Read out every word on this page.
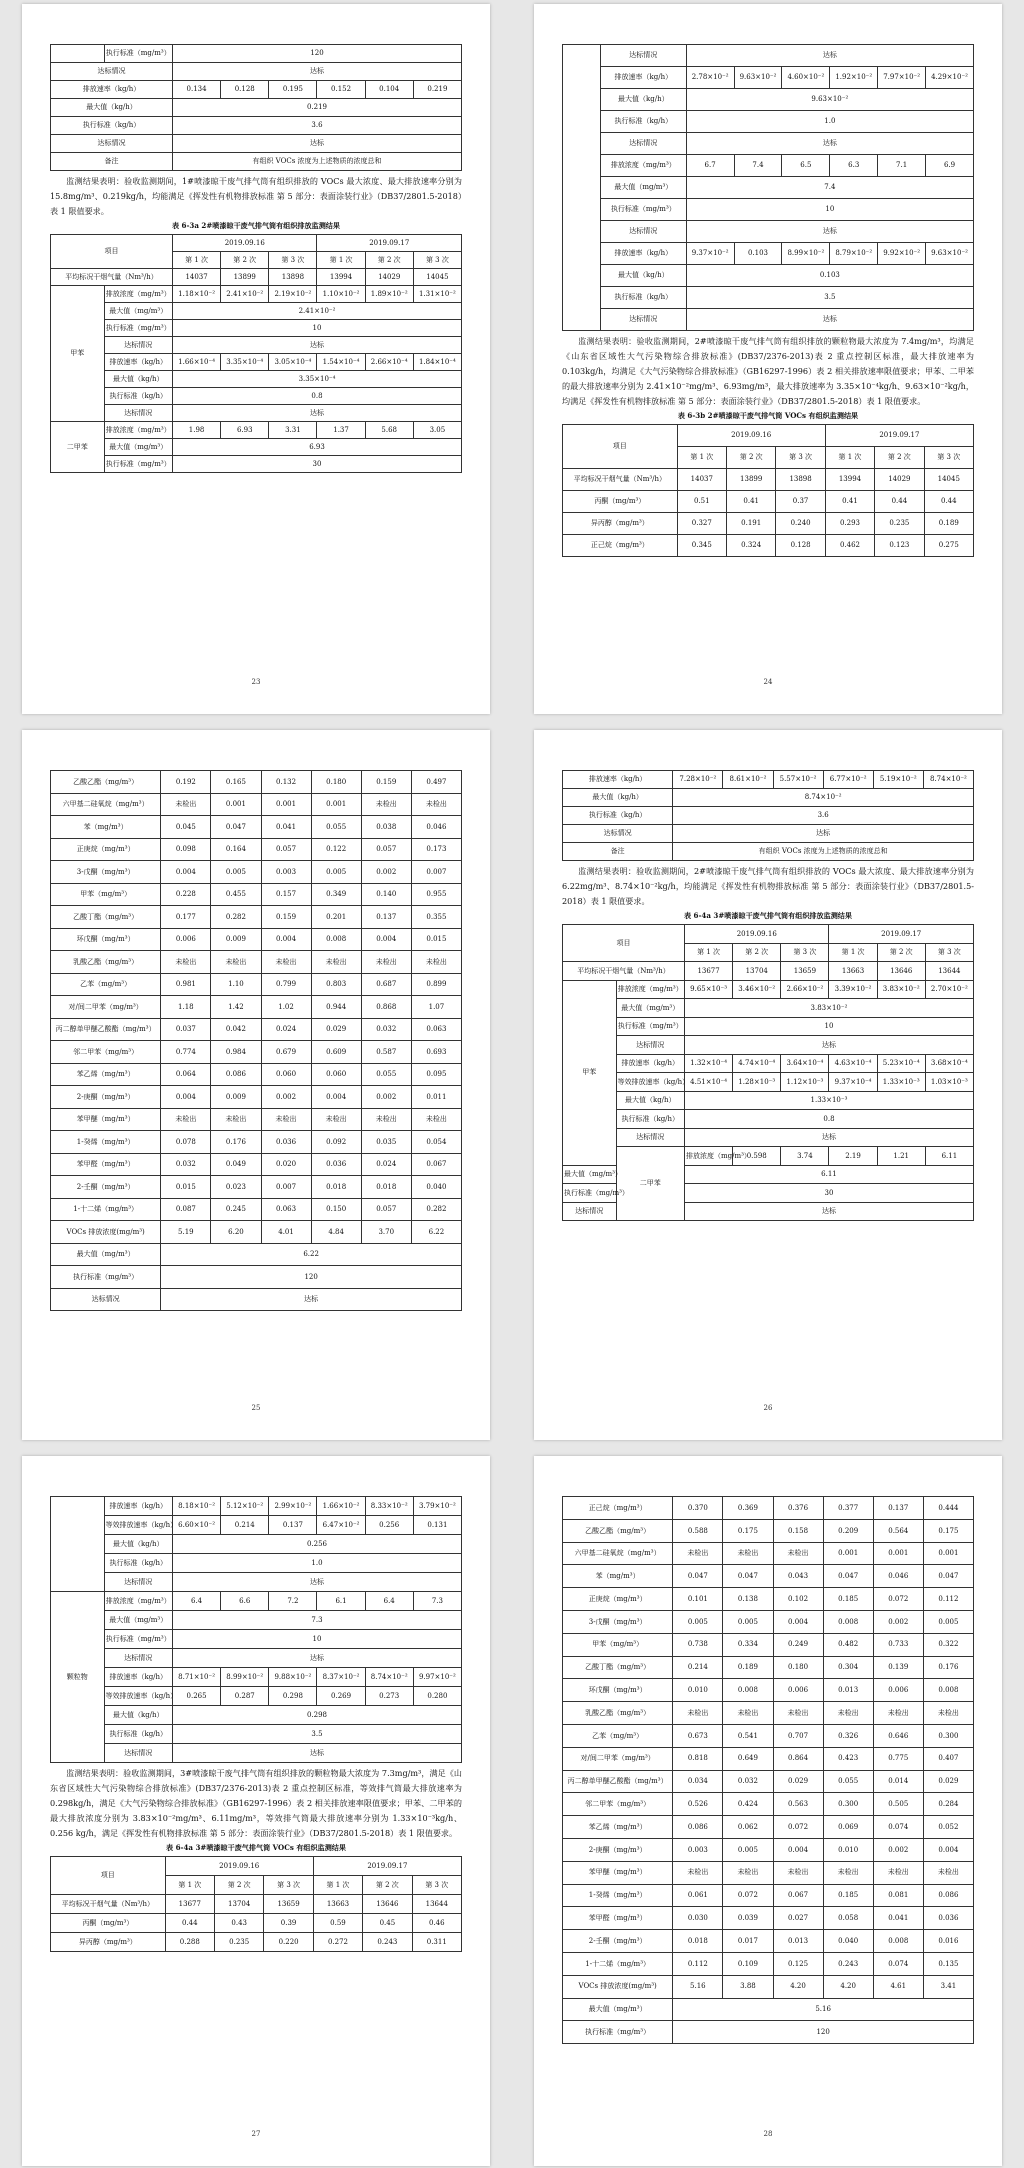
	执行标准（mg/m³）	120					
达标情况		达标					
排放速率（kg/h）		0.134	0.128	0.195	0.152	0.104	0.219
最大值（kg/h）		0.219					
执行标准（kg/h）		3.6					
达标情况		达标					
备注		有组织 VOCs 浓度为上述物质的浓度总和					
监测结果表明：验收监测期间，1#喷漆晾干废气排气筒有组织排放的 VOCs 最大浓度、最大排放速率分别为 15.8mg/m³、0.219kg/h，均能满足《挥发性有机物排放标准 第 5 部分：表面涂装行业》（DB37/2801.5-2018）表 1 限值要求。
表 6-3a 2#喷漆晾干废气排气筒有组织排放监测结果
项目		2019.09.16			2019.09.17		
		第 1 次	第 2 次	第 3 次	第 1 次	第 2 次	第 3 次
平均标况干烟气量（Nm³/h）		14037	13899	13898	13994	14029	14045
甲苯	排放浓度（mg/m³）	1.18×10⁻²	2.41×10⁻²	2.19×10⁻²	1.10×10⁻²	1.89×10⁻²	1.31×10⁻²
	最大值（mg/m³）	2.41×10⁻²					
	执行标准（mg/m³）	10					
	达标情况	达标					
	排放速率（kg/h）	1.66×10⁻⁴	3.35×10⁻⁴	3.05×10⁻⁴	1.54×10⁻⁴	2.66×10⁻⁴	1.84×10⁻⁴
	最大值（kg/h）	3.35×10⁻⁴					
	执行标准（kg/h）	0.8					
	达标情况	达标					
二甲苯	排放浓度（mg/m³）	1.98	6.93	3.31	1.37	5.68	3.05
	最大值（mg/m³）	6.93					
	执行标准（mg/m³）	30					
23
	达标情况	达标					
	排放速率（kg/h）	2.78×10⁻²	9.63×10⁻²	4.60×10⁻²	1.92×10⁻²	7.97×10⁻²	4.29×10⁻²
	最大值（kg/h）	9.63×10⁻²					
	执行标准（kg/h）	1.0					
	达标情况	达标					
	排放浓度（mg/m³）	6.7	7.4	6.5	6.3	7.1	6.9
	最大值（mg/m³）	7.4					
	执行标准（mg/m³）	10					
	达标情况	达标					
	排放速率（kg/h）	9.37×10⁻²	0.103	8.99×10⁻²	8.79×10⁻²	9.92×10⁻²	9.63×10⁻²
	最大值（kg/h）	0.103					
	执行标准（kg/h）	3.5					
	达标情况	达标					
监测结果表明：验收监测期间，2#喷漆晾干废气排气筒有组织排放的颗粒物最大浓度为 7.4mg/m³，均满足《山东省区域性大气污染物综合排放标准》(DB37/2376-2013)表 2 重点控制区标准，最大排放速率为 0.103kg/h，均满足《大气污染物综合排放标准》（GB16297-1996）表 2 相关排放速率限值要求；甲苯、二甲苯的最大排放速率分别为 2.41×10⁻²mg/m³、6.93mg/m³，最大排放速率为 3.35×10⁻⁴kg/h、9.63×10⁻²kg/h，均满足《挥发性有机物排放标准 第 5 部分：表面涂装行业》（DB37/2801.5-2018）表 1 限值要求。
表 6-3b 2#喷漆晾干废气排气筒 VOCs 有组织监测结果
项目	2019.09.16			2019.09.17		
	第 1 次	第 2 次	第 3 次	第 1 次	第 2 次	第 3 次
平均标况干烟气量（Nm³/h）	14037	13899	13898	13994	14029	14045
丙酮（mg/m³）	0.51	0.41	0.37	0.41	0.44	0.44
异丙醇（mg/m³）	0.327	0.191	0.240	0.293	0.235	0.189
正己烷（mg/m³）	0.345	0.324	0.128	0.462	0.123	0.275
24
乙酸乙酯（mg/m³）	0.192	0.165	0.132	0.180	0.159	0.497
六甲基二硅氧烷（mg/m³）	未检出	0.001	0.001	0.001	未检出	未检出
苯（mg/m³）	0.045	0.047	0.041	0.055	0.038	0.046
正庚烷（mg/m³）	0.098	0.164	0.057	0.122	0.057	0.173
3-戊酮（mg/m³）	0.004	0.005	0.003	0.005	0.002	0.007
甲苯（mg/m³）	0.228	0.455	0.157	0.349	0.140	0.955
乙酸丁酯（mg/m³）	0.177	0.282	0.159	0.201	0.137	0.355
环戊酮（mg/m³）	0.006	0.009	0.004	0.008	0.004	0.015
乳酸乙酯（mg/m³）	未检出	未检出	未检出	未检出	未检出	未检出
乙苯（mg/m³）	0.981	1.10	0.799	0.803	0.687	0.899
对/间二甲苯（mg/m³）	1.18	1.42	1.02	0.944	0.868	1.07
丙二醇单甲醚乙酸酯（mg/m³）	0.037	0.042	0.024	0.029	0.032	0.063
邻二甲苯（mg/m³）	0.774	0.984	0.679	0.609	0.587	0.693
苯乙烯（mg/m³）	0.064	0.086	0.060	0.060	0.055	0.095
2-庚酮（mg/m³）	0.004	0.009	0.002	0.004	0.002	0.011
苯甲醚（mg/m³）	未检出	未检出	未检出	未检出	未检出	未检出
1-癸烯（mg/m³）	0.078	0.176	0.036	0.092	0.035	0.054
苯甲醛（mg/m³）	0.032	0.049	0.020	0.036	0.024	0.067
2-壬酮（mg/m³）	0.015	0.023	0.007	0.018	0.018	0.040
1-十二烯（mg/m³）	0.087	0.245	0.063	0.150	0.057	0.282
VOCs 排放浓度(mg/m³)	5.19	6.20	4.01	4.84	3.70	6.22
最大值（mg/m³）	6.22					
执行标准（mg/m³）	120					
达标情况	达标					
25
排放速率（kg/h）	7.28×10⁻²	8.61×10⁻²	5.57×10⁻²	6.77×10⁻²	5.19×10⁻²	8.74×10⁻²
最大值（kg/h）	8.74×10⁻²					
执行标准（kg/h）	3.6					
达标情况	达标					
备注	有组织 VOCs 浓度为上述物质的浓度总和					
监测结果表明：验收监测期间，2#喷漆晾干废气排气筒有组织排放的 VOCs 最大浓度、最大排放速率分别为 6.22mg/m³、8.74×10⁻²kg/h，均能满足《挥发性有机物排放标准 第 5 部分：表面涂装行业》（DB37/2801.5-2018）表 1 限值要求。
表 6-4a 3#喷漆晾干废气排气筒有组织排放监测结果
项目		2019.09.16			2019.09.17			
		第 1 次	第 2 次	第 3 次	第 1 次	第 2 次	第 3 次	
平均标况干烟气量（Nm³/h）		13677	13704	13659	13663	13646	13644	
甲苯	排放浓度（mg/m³）	9.65×10⁻³	3.46×10⁻²	2.66×10⁻²	3.39×10⁻²	3.83×10⁻²	2.70×10⁻²	
	最大值（mg/m³）	3.83×10⁻²						
	执行标准（mg/m³）	10						
	达标情况	达标						
	排放速率（kg/h）	1.32×10⁻⁴	4.74×10⁻⁴	3.64×10⁻⁴	4.63×10⁻⁴	5.23×10⁻⁴	3.68×10⁻⁴	
	等效排放速率（kg/h）	4.51×10⁻⁴	1.28×10⁻³	1.12×10⁻³	9.37×10⁻⁴	1.33×10⁻³	1.03×10⁻³	
	最大值（kg/h）	1.33×10⁻³						
	执行标准（kg/h）	0.8						
	达标情况	达标						
	二甲苯	排放浓度（mg/m³）	0.598	3.74	2.19	1.21	6.11	
最大值（mg/m³）		6.11						
执行标准（mg/m³）		30						
达标情况		达标						
26
	排放速率（kg/h）	8.18×10⁻²	5.12×10⁻²	2.99×10⁻²	1.66×10⁻²	8.33×10⁻²	3.79×10⁻²
	等效排放速率（kg/h）	6.60×10⁻²	0.214	0.137	6.47×10⁻²	0.256	0.131
	最大值（kg/h）	0.256					
	执行标准（kg/h）	1.0					
	达标情况	达标					
颗粒物	排放浓度（mg/m³）	6.4	6.6	7.2	6.1	6.4	7.3
	最大值（mg/m³）	7.3					
	执行标准（mg/m³）	10					
	达标情况	达标					
	排放速率（kg/h）	8.71×10⁻²	8.99×10⁻²	9.88×10⁻²	8.37×10⁻²	8.74×10⁻²	9.97×10⁻²
	等效排放速率（kg/h）	0.265	0.287	0.298	0.269	0.273	0.280
	最大值（kg/h）	0.298					
	执行标准（kg/h）	3.5					
	达标情况	达标					
监测结果表明：验收监测期间，3#喷漆晾干废气排气筒有组织排放的颗粒物最大浓度为 7.3mg/m³，满足《山东省区域性大气污染物综合排放标准》(DB37/2376-2013)表 2 重点控制区标准，等效排气筒最大排放速率为 0.298kg/h，满足《大气污染物综合排放标准》（GB16297-1996）表 2 相关排放速率限值要求；甲苯、二甲苯的最大排放浓度分别为 3.83×10⁻²mg/m³、6.11mg/m³，等效排气筒最大排放速率分别为 1.33×10⁻³kg/h、0.256 kg/h，满足《挥发性有机物排放标准 第 5 部分：表面涂装行业》（DB37/2801.5-2018）表 1 限值要求。
表 6-4a 3#喷漆晾干废气排气筒 VOCs 有组织监测结果
项目	2019.09.16			2019.09.17		
	第 1 次	第 2 次	第 3 次	第 1 次	第 2 次	第 3 次
平均标况干烟气量（Nm³/h）	13677	13704	13659	13663	13646	13644
丙酮（mg/m³）	0.44	0.43	0.39	0.59	0.45	0.46
异丙醇（mg/m³）	0.288	0.235	0.220	0.272	0.243	0.311
27
正己烷（mg/m³）	0.370	0.369	0.376	0.377	0.137	0.444
乙酸乙酯（mg/m³）	0.588	0.175	0.158	0.209	0.564	0.175
六甲基二硅氧烷（mg/m³）	未检出	未检出	未检出	0.001	0.001	0.001
苯（mg/m³）	0.047	0.047	0.043	0.047	0.046	0.047
正庚烷（mg/m³）	0.101	0.138	0.102	0.185	0.072	0.112
3-戊酮（mg/m³）	0.005	0.005	0.004	0.008	0.002	0.005
甲苯（mg/m³）	0.738	0.334	0.249	0.482	0.733	0.322
乙酸丁酯（mg/m³）	0.214	0.189	0.180	0.304	0.139	0.176
环戊酮（mg/m³）	0.010	0.008	0.006	0.013	0.006	0.008
乳酸乙酯（mg/m³）	未检出	未检出	未检出	未检出	未检出	未检出
乙苯（mg/m³）	0.673	0.541	0.707	0.326	0.646	0.300
对/间二甲苯（mg/m³）	0.818	0.649	0.864	0.423	0.775	0.407
丙二醇单甲醚乙酸酯（mg/m³）	0.034	0.032	0.029	0.055	0.014	0.029
邻二甲苯（mg/m³）	0.526	0.424	0.563	0.300	0.505	0.284
苯乙烯（mg/m³）	0.086	0.062	0.072	0.069	0.074	0.052
2-庚酮（mg/m³）	0.003	0.005	0.004	0.010	0.002	0.004
苯甲醚（mg/m³）	未检出	未检出	未检出	未检出	未检出	未检出
1-癸烯（mg/m³）	0.061	0.072	0.067	0.185	0.081	0.086
苯甲醛（mg/m³）	0.030	0.039	0.027	0.058	0.041	0.036
2-壬酮（mg/m³）	0.018	0.017	0.013	0.040	0.008	0.016
1-十二烯（mg/m³）	0.112	0.109	0.125	0.243	0.074	0.135
VOCs 排放浓度(mg/m³)	5.16	3.88	4.20	4.20	4.61	3.41
最大值（mg/m³）	5.16					
执行标准（mg/m³）	120					
28
